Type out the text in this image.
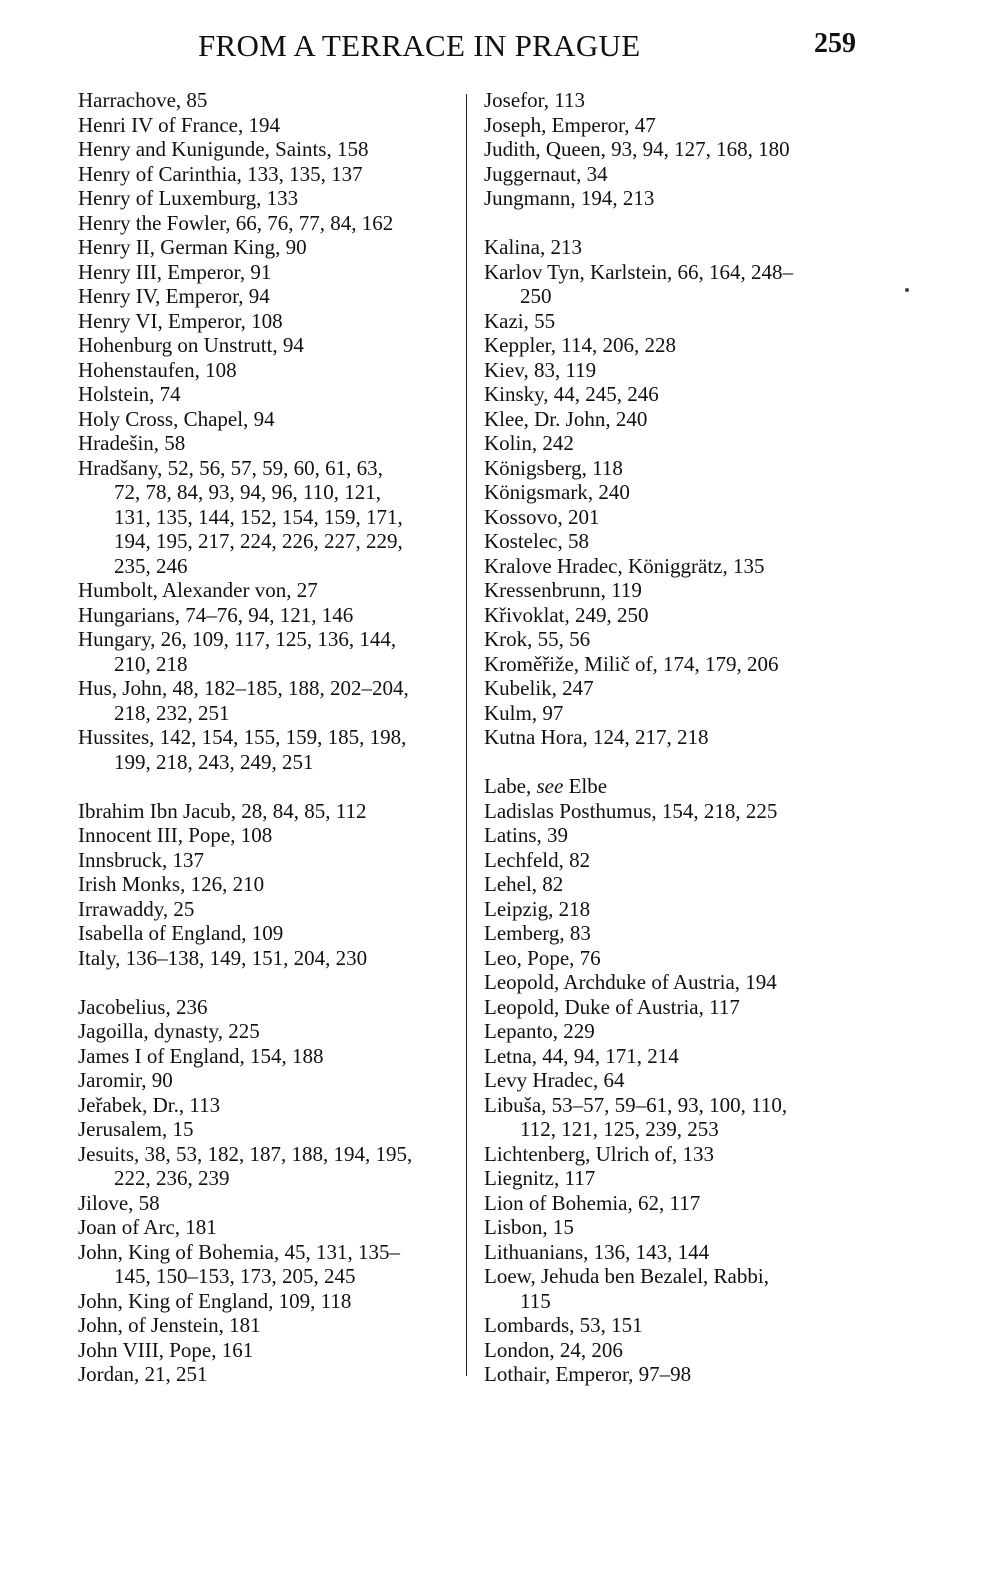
FROM A TERRACE IN PRAGUE	259
Harrachove, 85
Henri IV of France, 194
Henry and Kunigunde, Saints, 158
Henry of Carinthia, 133, 135, 137
Henry of Luxemburg, 133
Henry the Fowler, 66, 76, 77, 84, 162
Henry II, German King, 90
Henry III, Emperor, 91
Henry IV, Emperor, 94
Henry VI, Emperor, 108
Hohenburg on Unstrutt, 94
Hohenstaufen, 108
Holstein, 74
Holy Cross, Chapel, 94
Hradešin, 58
Hradšany, 52, 56, 57, 59, 60, 61, 63,
72, 78, 84, 93, 94, 96, 110, 121,
131, 135, 144, 152, 154, 159, 171,
194, 195, 217, 224, 226, 227, 229,
235, 246
Humbolt, Alexander von, 27
Hungarians, 74–76, 94, 121, 146
Hungary, 26, 109, 117, 125, 136, 144,
210, 218
Hus, John, 48, 182–185, 188, 202–204,
218, 232, 251
Hussites, 142, 154, 155, 159, 185, 198,
199, 218, 243, 249, 251
Ibrahim Ibn Jacub, 28, 84, 85, 112
Innocent III, Pope, 108
Innsbruck, 137
Irish Monks, 126, 210
Irrawaddy, 25
Isabella of England, 109
Italy, 136–138, 149, 151, 204, 230
Jacobelius, 236
Jagoilla, dynasty, 225
James I of England, 154, 188
Jaromir, 90
Jeřabek, Dr., 113
Jerusalem, 15
Jesuits, 38, 53, 182, 187, 188, 194, 195,
222, 236, 239
Jilove, 58
Joan of Arc, 181
John, King of Bohemia, 45, 131, 135–
145, 150–153, 173, 205, 245
John, King of England, 109, 118
John, of Jenstein, 181
John VIII, Pope, 161
Jordan, 21, 251
Josefor, 113
Joseph, Emperor, 47
Judith, Queen, 93, 94, 127, 168, 180
Juggernaut, 34
Jungmann, 194, 213
Kalina, 213
Karlov Tyn, Karlstein, 66, 164, 248–
250
Kazi, 55
Keppler, 114, 206, 228
Kiev, 83, 119
Kinsky, 44, 245, 246
Klee, Dr. John, 240
Kolin, 242
Königsberg, 118
Königsmark, 240
Kossovo, 201
Kostelec, 58
Kralove Hradec, Königgrätz, 135
Kressenbrunn, 119
Křivoklat, 249, 250
Krok, 55, 56
Kroměřiže, Milič of, 174, 179, 206
Kubelik, 247
Kulm, 97
Kutna Hora, 124, 217, 218
Labe, see Elbe
Ladislas Posthumus, 154, 218, 225
Latins, 39
Lechfeld, 82
Lehel, 82
Leipzig, 218
Lemberg, 83
Leo, Pope, 76
Leopold, Archduke of Austria, 194
Leopold, Duke of Austria, 117
Lepanto, 229
Letna, 44, 94, 171, 214
Levy Hradec, 64
Libuša, 53–57, 59–61, 93, 100, 110,
112, 121, 125, 239, 253
Lichtenberg, Ulrich of, 133
Liegnitz, 117
Lion of Bohemia, 62, 117
Lisbon, 15
Lithuanians, 136, 143, 144
Loew, Jehuda ben Bezalel, Rabbi,
115
Lombards, 53, 151
London, 24, 206
Lothair, Emperor, 97–98
